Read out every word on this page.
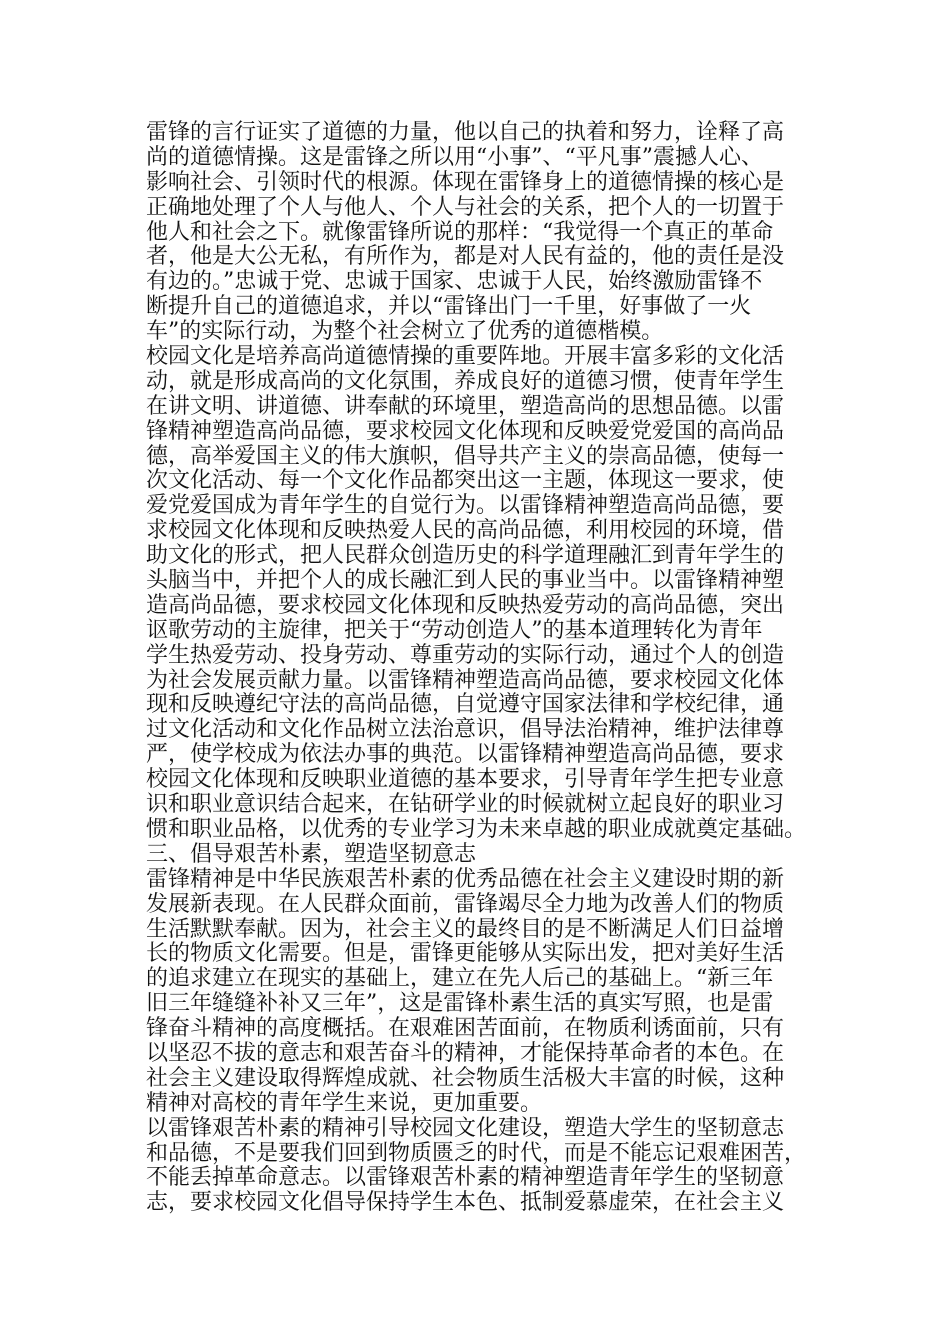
雷锋的言行证实了道德的力量，他以自己的执着和努力，诠释了高
尚的道德情操。这是雷锋之所以用“小事”、“平凡事”震撼人心、
影响社会、引领时代的根源。体现在雷锋身上的道德情操的核心是
正确地处理了个人与他人、个人与社会的关系，把个人的一切置于
他人和社会之下。就像雷锋所说的那样：“我觉得一个真正的革命
者，他是大公无私，有所作为，都是对人民有益的，他的责任是没
有边的。”忠诚于党、忠诚于国家、忠诚于人民，始终激励雷锋不
断提升自己的道德追求，并以“雷锋出门一千里，好事做了一火
车”的实际行动，为整个社会树立了优秀的道德楷模。
校园文化是培养高尚道德情操的重要阵地。开展丰富多彩的文化活
动，就是形成高尚的文化氛围，养成良好的道德习惯，使青年学生
在讲文明、讲道德、讲奉献的环境里，塑造高尚的思想品德。以雷
锋精神塑造高尚品德，要求校园文化体现和反映爱党爱国的高尚品
德，高举爱国主义的伟大旗帜，倡导共产主义的崇高品德，使每一
次文化活动、每一个文化作品都突出这一主题，体现这一要求，使
爱党爱国成为青年学生的自觉行为。以雷锋精神塑造高尚品德，要
求校园文化体现和反映热爱人民的高尚品德，利用校园的环境，借
助文化的形式，把人民群众创造历史的科学道理融汇到青年学生的
头脑当中，并把个人的成长融汇到人民的事业当中。以雷锋精神塑
造高尚品德，要求校园文化体现和反映热爱劳动的高尚品德，突出
讴歌劳动的主旋律，把关于“劳动创造人”的基本道理转化为青年
学生热爱劳动、投身劳动、尊重劳动的实际行动，通过个人的创造
为社会发展贡献力量。以雷锋精神塑造高尚品德，要求校园文化体
现和反映遵纪守法的高尚品德，自觉遵守国家法律和学校纪律，通
过文化活动和文化作品树立法治意识，倡导法治精神，维护法律尊
严，使学校成为依法办事的典范。以雷锋精神塑造高尚品德，要求
校园文化体现和反映职业道德的基本要求，引导青年学生把专业意
识和职业意识结合起来，在钻研学业的时候就树立起良好的职业习
惯和职业品格，以优秀的专业学习为未来卓越的职业成就奠定基础。
三、倡导艰苦朴素，塑造坚韧意志
雷锋精神是中华民族艰苦朴素的优秀品德在社会主义建设时期的新
发展新表现。在人民群众面前，雷锋竭尽全力地为改善人们的物质
生活默默奉献。因为，社会主义的最终目的是不断满足人们日益增
长的物质文化需要。但是，雷锋更能够从实际出发，把对美好生活
的追求建立在现实的基础上，建立在先人后己的基础上。“新三年
旧三年缝缝补补又三年”，这是雷锋朴素生活的真实写照，也是雷
锋奋斗精神的高度概括。在艰难困苦面前，在物质利诱面前，只有
以坚忍不拔的意志和艰苦奋斗的精神，才能保持革命者的本色。在
社会主义建设取得辉煌成就、社会物质生活极大丰富的时候，这种
精神对高校的青年学生来说，更加重要。
以雷锋艰苦朴素的精神引导校园文化建设，塑造大学生的坚韧意志
和品德，不是要我们回到物质匮乏的时代，而是不能忘记艰难困苦，
不能丢掉革命意志。以雷锋艰苦朴素的精神塑造青年学生的坚韧意
志，要求校园文化倡导保持学生本色、抵制爱慕虚荣，在社会主义
